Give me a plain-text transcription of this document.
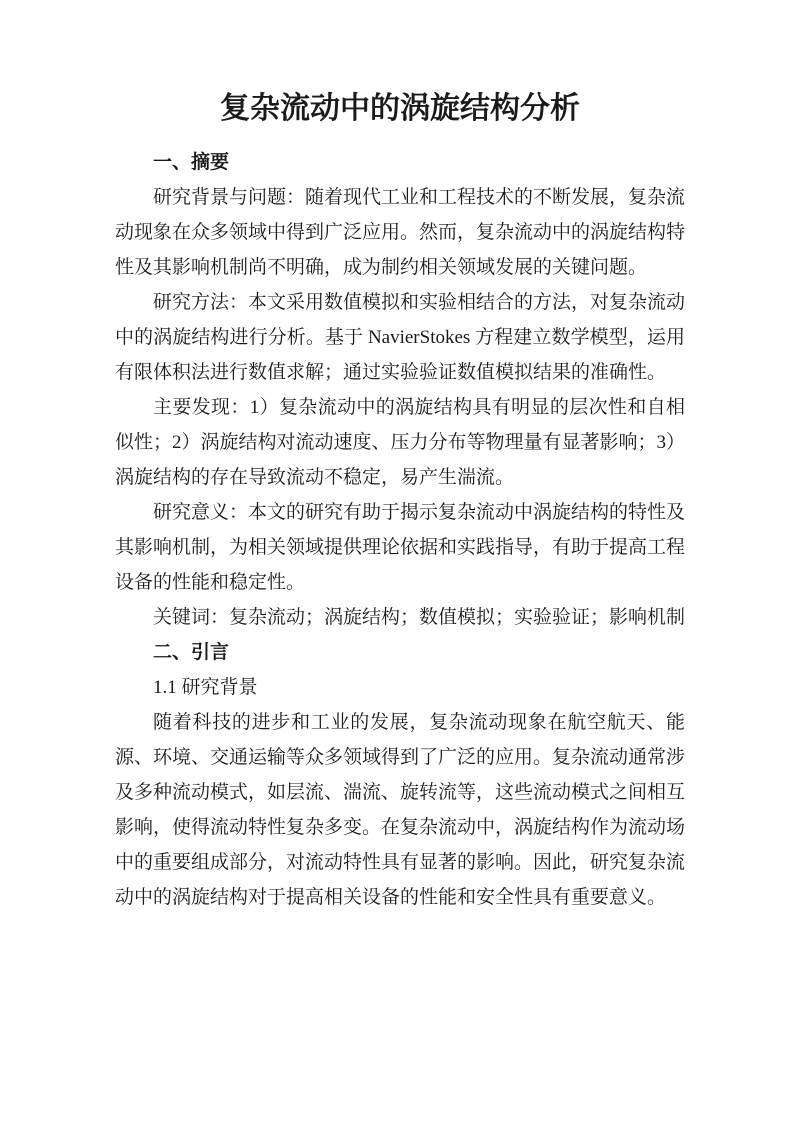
复杂流动中的涡旋结构分析
一、摘要

研究背景与问题：随着现代工业和工程技术的不断发展，复杂流动现象在众多领域中得到广泛应用。然而，复杂流动中的涡旋结构特性及其影响机制尚不明确，成为制约相关领域发展的关键问题。

研究方法：本文采用数值模拟和实验相结合的方法，对复杂流动中的涡旋结构进行分析。基于 NavierStokes 方程建立数学模型，运用有限体积法进行数值求解；通过实验验证数值模拟结果的准确性。

主要发现：1）复杂流动中的涡旋结构具有明显的层次性和自相似性；2）涡旋结构对流动速度、压力分布等物理量有显著影响；3）涡旋结构的存在导致流动不稳定，易产生湍流。

研究意义：本文的研究有助于揭示复杂流动中涡旋结构的特性及其影响机制，为相关领域提供理论依据和实践指导，有助于提高工程设备的性能和稳定性。

关键词：复杂流动；涡旋结构；数值模拟；实验验证；影响机制

二、引言

1.1 研究背景

随着科技的进步和工业的发展，复杂流动现象在航空航天、能源、环境、交通运输等众多领域得到了广泛的应用。复杂流动通常涉及多种流动模式，如层流、湍流、旋转流等，这些流动模式之间相互影响，使得流动特性复杂多变。在复杂流动中，涡旋结构作为流动场中的重要组成部分，对流动特性具有显著的影响。因此，研究复杂流动中的涡旋结构对于提高相关设备的性能和安全性具有重要意义。
